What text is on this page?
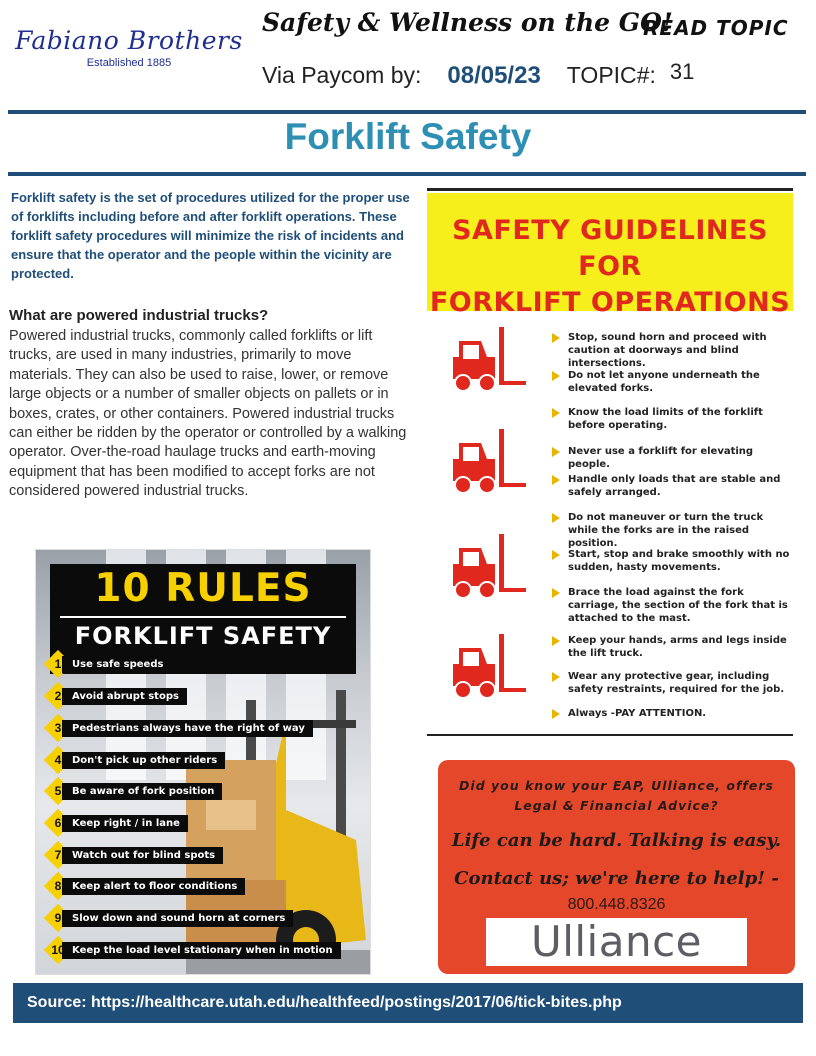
Fabiano Brothers
Established 1885
Safety & Wellness on the GO!
READ TOPIC
Via Paycom by: 08/05/23 TOPIC#: 31
Forklift Safety
Forklift safety is the set of procedures utilized for the proper use of forklifts including before and after forklift operations. These forklift safety procedures will minimize the risk of incidents and ensure that the operator and the people within the vicinity are protected.
What are powered industrial trucks?
Powered industrial trucks, commonly called forklifts or lift trucks, are used in many industries, primarily to move materials. They can also be used to raise, lower, or remove large objects or a number of smaller objects on pallets or in boxes, crates, or other containers. Powered industrial trucks can either be ridden by the operator or controlled by a walking operator. Over-the-road haulage trucks and earth-moving equipment that has been modified to accept forks are not considered powered industrial trucks.
10 RULES
FORKLIFT SAFETY
1	Use safe speeds
2	Avoid abrupt stops
3	Pedestrians always have the right of way
4	Don't pick up other riders
5	Be aware of fork position
6	Keep right / in lane
7	Watch out for blind spots
8	Keep alert to floor conditions
9	Slow down and sound horn at corners
10 Keep the load level stationary when in motion
SAFETY GUIDELINES FOR
FORKLIFT OPERATIONS
Stop, sound horn and proceed with caution at doorways and blind intersections.
Do not let anyone underneath the elevated forks.
Know the load limits of the forklift before operating.
Never use a forklift for elevating people.
Handle only loads that are stable and safely arranged.
Do not maneuver or turn the truck while the forks are in the raised position.
Start, stop and brake smoothly with no sudden, hasty movements.
Brace the load against the fork carriage, the section of the fork that is attached to the mast.
Keep your hands, arms and legs inside the lift truck.
Wear any protective gear, including safety restraints, required for the job.
Always -PAY ATTENTION.
Did you know your EAP, Ulliance, offers Legal & Financial Advice?
Life can be hard. Talking is easy.
Contact us; we're here to help! -
800.448.8326
Ulliance
Source: https://healthcare.utah.edu/healthfeed/postings/2017/06/tick-bites.php
